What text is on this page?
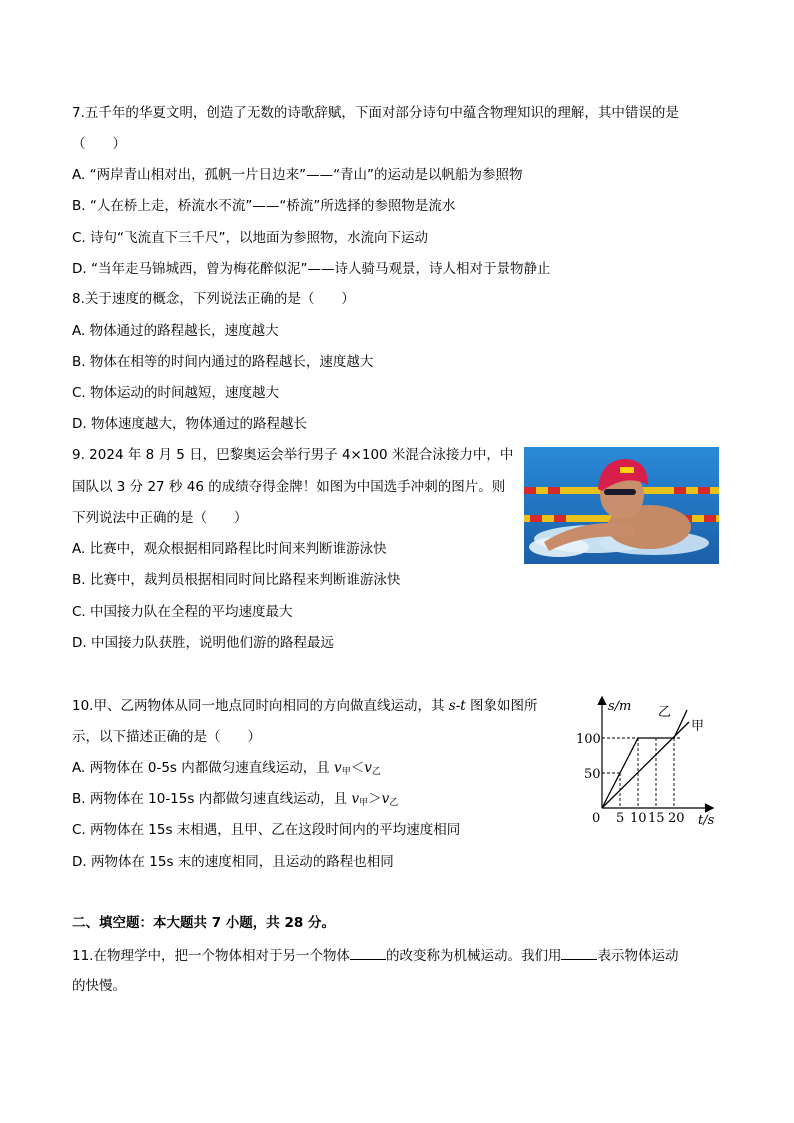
7.五千年的华夏文明，创造了无数的诗歌辞赋，下面对部分诗句中蕴含物理知识的理解，其中错误的是
（　　）
A. “两岸青山相对出，孤帆一片日边来”——“青山”的运动是以帆船为参照物
B. “人在桥上走，桥流水不流”——“桥流”所选择的参照物是流水
C. 诗句“飞流直下三千尺”，以地面为参照物，水流向下运动
D. “当年走马锦城西，曾为梅花醉似泥”——诗人骑马观景，诗人相对于景物静止
8.关于速度的概念，下列说法正确的是（　　）
A. 物体通过的路程越长，速度越大
B. 物体在相等的时间内通过的路程越长，速度越大
C. 物体运动的时间越短，速度越大
D. 物体速度越大，物体通过的路程越长
9. 2024 年 8 月 5 日，巴黎奥运会举行男子 4×100 米混合泳接力中，中
国队以 3 分 27 秒 46 的成绩夺得金牌！如图为中国选手冲刺的图片。则
下列说法中正确的是（　　）
A. 比赛中，观众根据相同路程比时间来判断谁游泳快
B. 比赛中，裁判员根据相同时间比路程来判断谁游泳快
C. 中国接力队在全程的平均速度最大
D. 中国接力队获胜，说明他们游的路程最远
10.甲、乙两物体从同一地点同时向相同的方向做直线运动，其 s-t 图象如图所
示，以下描述正确的是（　　）
A. 两物体在 0-5s 内都做匀速直线运动，且 $v_甲<v_乙$
B. 两物体在 10-15s 内都做匀速直线运动，且 $v_甲>v_乙$
C. 两物体在 15s 末相遇，且甲、乙在这段时间内的平均速度相同
D. 两物体在 15s 末的速度相同，且运动的路程也相同
s/m
t/s
100
50
0 5 10 15 20
乙
甲
二、填空题：本大题共 7 小题，共 28 分。
11.在物理学中，把一个物体相对于另一个物体	的改变称为机械运动。我们用	表示物体运动
的快慢。
